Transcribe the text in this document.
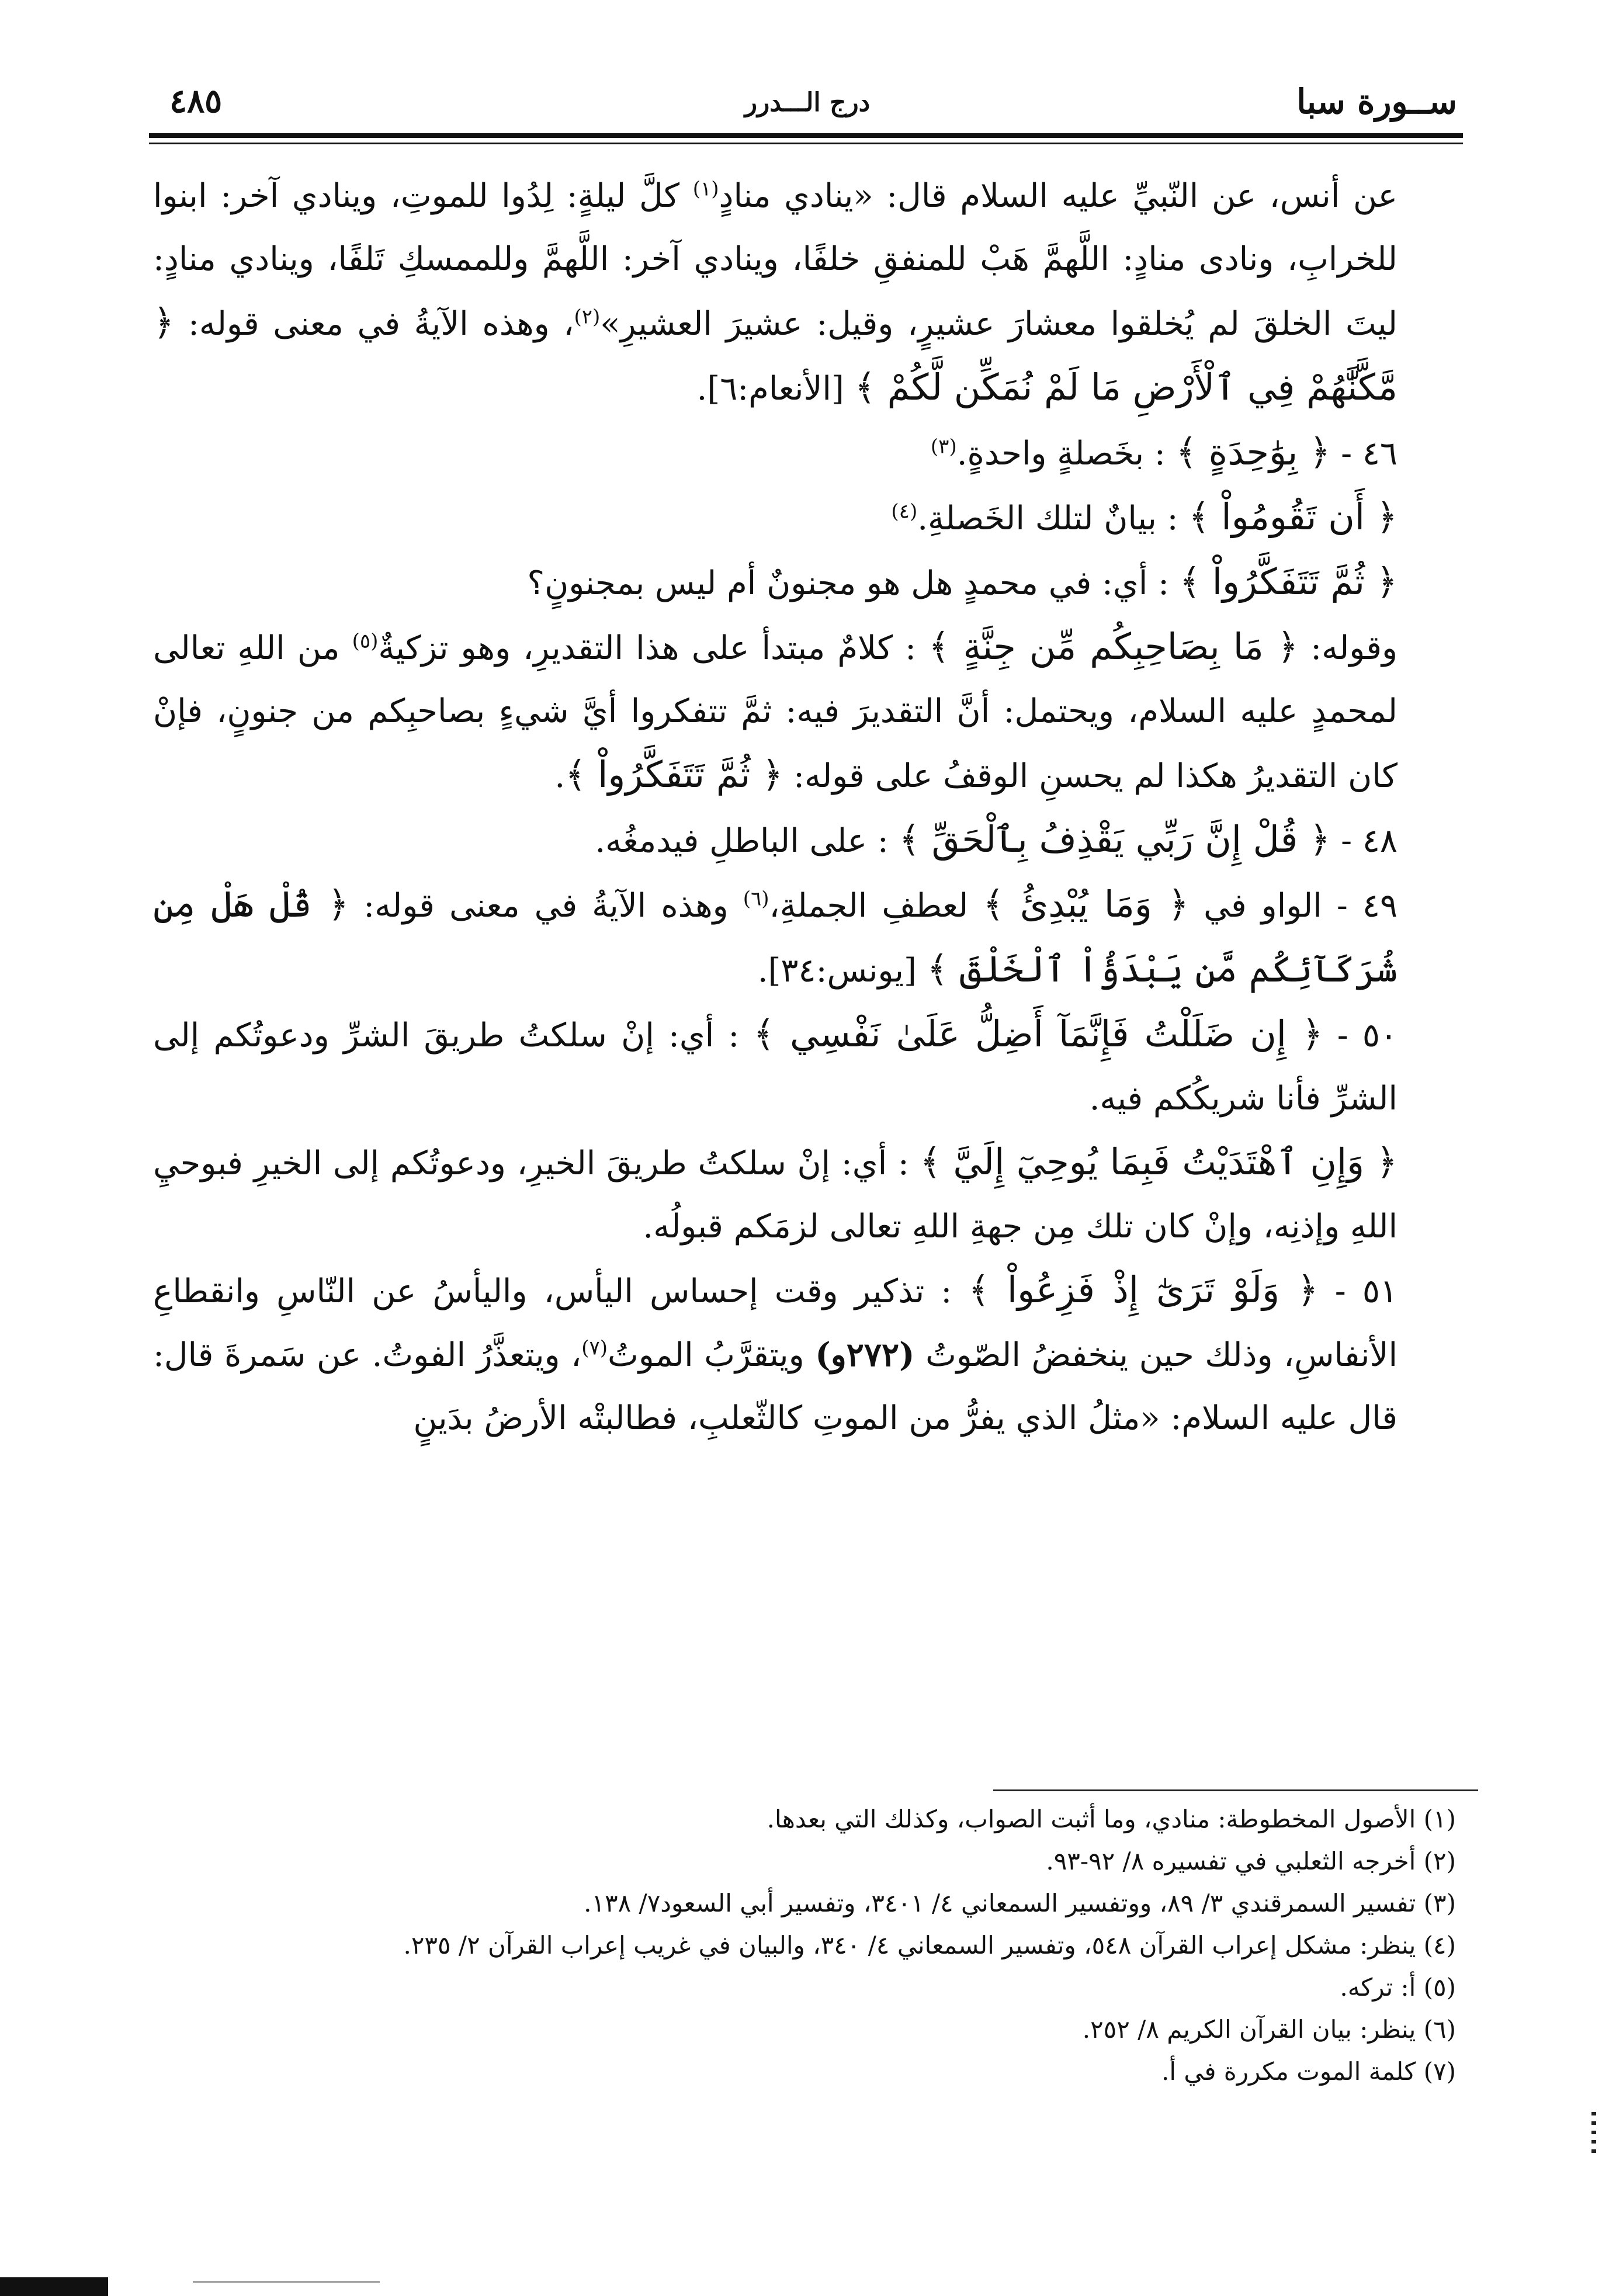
ســورة سبا
درج الـــدرر
٤٨٥

عن أنس، عن النّبيِّ عليه السلام قال: «ينادي منادٍ$^{(١)}$ كلَّ ليلةٍ: لِدُوا للموتِ، وينادي آخر: ابنوا للخرابِ، ونادى منادٍ: اللَّهمَّ هَبْ للمنفقِ خلفًا، وينادي آخر: اللَّهمَّ وللممسكِ تَلفًا، وينادي منادٍ: ليتَ الخلقَ لم يُخلقوا معشارَ عشيرٍ، وقيل: عشيرَ العشيرِ»$^{(٢)}$، وهذه الآيةُ في معنى قوله: ﴿ مَّكَّنَّٰهُمْ فِي ٱلْأَرْضِ مَا لَمْ نُمَكِّن لَّكُمْ ﴾ [الأنعام:٦].

٤٦ - ﴿ بِوَٰحِدَةٍ ﴾ : بخَصلةٍ واحدةٍ.$^{(٣)}$

﴿ أَن تَقُومُواْ ﴾ : بيانٌ لتلك الخَصلةِ.$^{(٤)}$

﴿ ثُمَّ تَتَفَكَّرُواْ ﴾ : أي: في محمدٍ هل هو مجنونٌ أم ليس بمجنونٍ؟

وقوله: ﴿ مَا بِصَاحِبِكُم مِّن جِنَّةٍ ﴾ : كلامٌ مبتدأ على هذا التقديرِ، وهو تزكيةٌ$^{(٥)}$ من اللهِ تعالى لمحمدٍ عليه السلام، ويحتمل: أنَّ التقديرَ فيه: ثمَّ تتفكروا أيَّ شيءٍ بصاحبِكم من جنونٍ، فإنْ كان التقديرُ هكذا لم يحسنِ الوقفُ على قوله: ﴿ ثُمَّ تَتَفَكَّرُواْ ﴾.

٤٨ - ﴿ قُلْ إِنَّ رَبِّي يَقْذِفُ بِٱلْحَقِّ ﴾ : على الباطلِ فيدمغُه.

٤٩ - الواو في ﴿ وَمَا يُبْدِئُ ﴾ لعطفِ الجملةِ،$^{(٦)}$ وهذه الآيةُ في معنى قوله: ﴿ قُلْ هَلْ مِن شُرَكَآئِكُم مَّن يَبْدَؤُاْ ٱلْخَلْقَ ﴾ [يونس:٣٤].

٥٠ - ﴿ إِن ضَلَلْتُ فَإِنَّمَآ أَضِلُّ عَلَىٰ نَفْسِي ﴾ : أي: إنْ سلكتُ طريقَ الشرِّ ودعوتُكم إلى الشرِّ فأنا شريكُكم فيه.

﴿ وَإِنِ ٱهْتَدَيْتُ فَبِمَا يُوحِيٓ إِلَيَّ ﴾ : أي: إنْ سلكتُ طريقَ الخيرِ، ودعوتُكم إلى الخيرِ فبوحيِ اللهِ وإذنِه، وإنْ كان تلك مِن جهةِ اللهِ تعالى لزمَكم قبولُه.

٥١ - ﴿ وَلَوْ تَرَىٰٓ إِذْ فَزِعُواْ ﴾ : تذكير وقت إحساس اليأس، واليأسُ عن النّاسِ وانقطاعِ الأنفاسِ، وذلك حين ينخفضُ الصّوتُ (٢٧٢و) ويتقرَّبُ الموتُ$^{(٧)}$، ويتعذَّرُ الفوتُ. عن سَمرةَ قال: قال عليه السلام: «مثلُ الذي يفرُّ من الموتِ كالثّعلبِ، فطالبتْه الأرضُ بدَينٍ

(١) الأصول المخطوطة: منادي، وما أثبت الصواب، وكذلك التي بعدها.
(٢) أخرجه الثعلبي في تفسيره ٨/ ٩٢-٩٣.
(٣) تفسير السمرقندي ٣/ ٨٩، ووتفسير السمعاني ٤/ ٣٤٠١، وتفسير أبي السعود٧/ ١٣٨.
(٤) ينظر: مشكل إعراب القرآن ٥٤٨، وتفسير السمعاني ٤/ ٣٤٠، والبيان في غريب إعراب القرآن ٢/ ٢٣٥.
(٥) أ: تركه.
(٦) ينظر: بيان القرآن الكريم ٨/ ٢٥٢.
(٧) كلمة الموت مكررة في أ.
